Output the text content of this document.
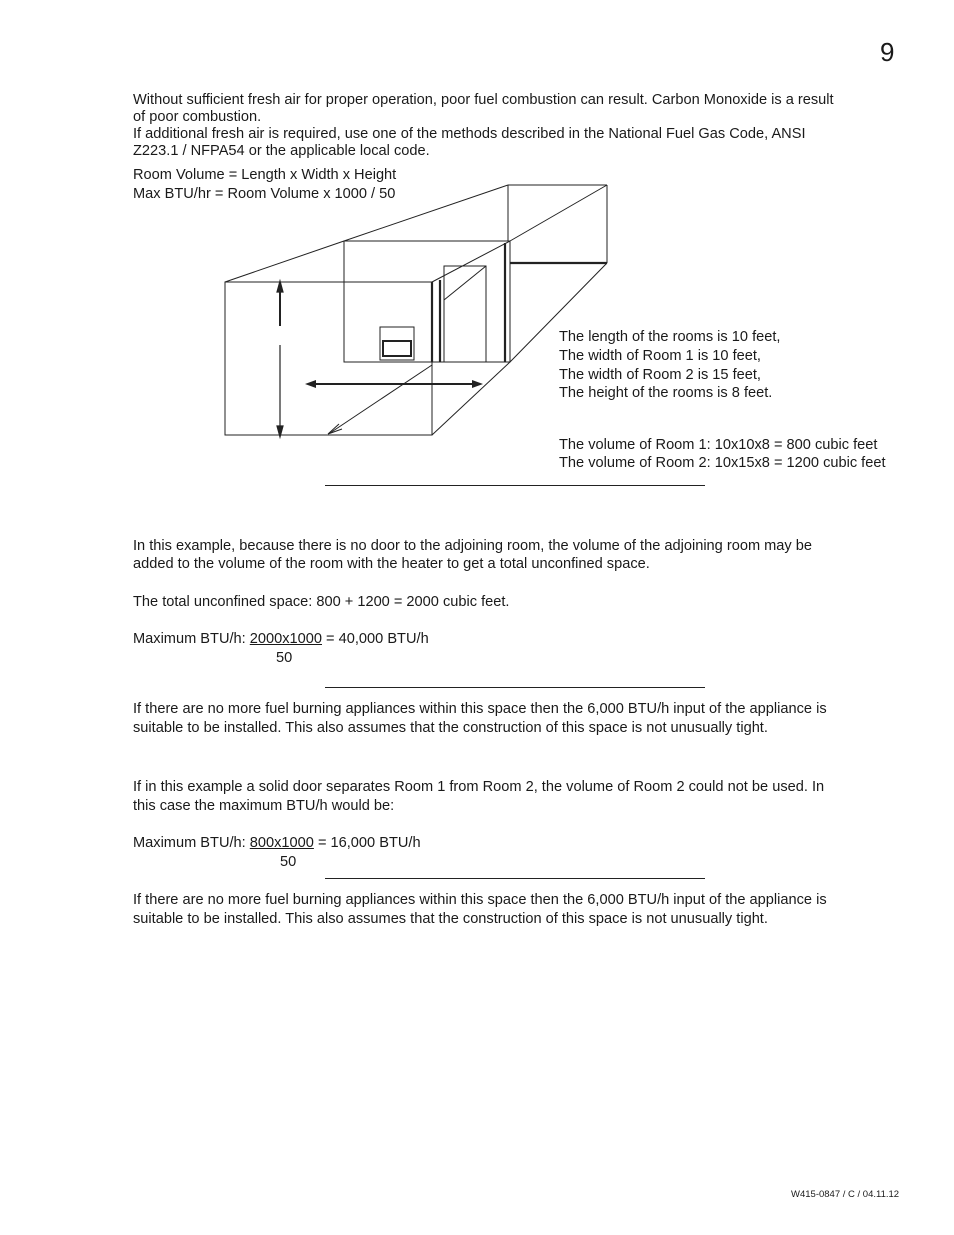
9
Without sufficient fresh air for proper operation, poor fuel combustion can result. Carbon Monoxide is a result
of poor combustion.
If additional fresh air is required, use one of the methods described in the National Fuel Gas Code, ANSI
Z223.1 / NFPA54 or the applicable local code.
Room Volume = Length x Width x Height
Max BTU/hr = Room Volume x 1000 / 50
The length of the rooms is 10 feet,
The width of Room 1 is 10 feet,
The width of Room 2 is 15 feet,
The height of the rooms is 8 feet.
The volume of Room 1: 10x10x8 = 800 cubic feet
The volume of Room 2: 10x15x8 = 1200 cubic feet
In this example, because there is no door to the adjoining room, the volume of the adjoining room may be
added to the volume of the room with the heater to get a total unconfined space.
The total unconfined space: 800 + 1200 = 2000 cubic feet.
Maximum BTU/h: 2000x1000 = 40,000 BTU/h
50
If there are no more fuel burning appliances within this space then the 6,000 BTU/h input of the appliance is
suitable to be installed. This also assumes that the construction of this space is not unusually tight.
If in this example a solid door separates Room 1 from Room 2, the volume of Room 2 could not be used. In
this case the maximum BTU/h would be:
Maximum BTU/h: 800x1000 = 16,000 BTU/h
50
If there are no more fuel burning appliances within this space then the 6,000 BTU/h input of the appliance is
suitable to be installed. This also assumes that the construction of this space is not unusually tight.
W415-0847 / C / 04.11.12
